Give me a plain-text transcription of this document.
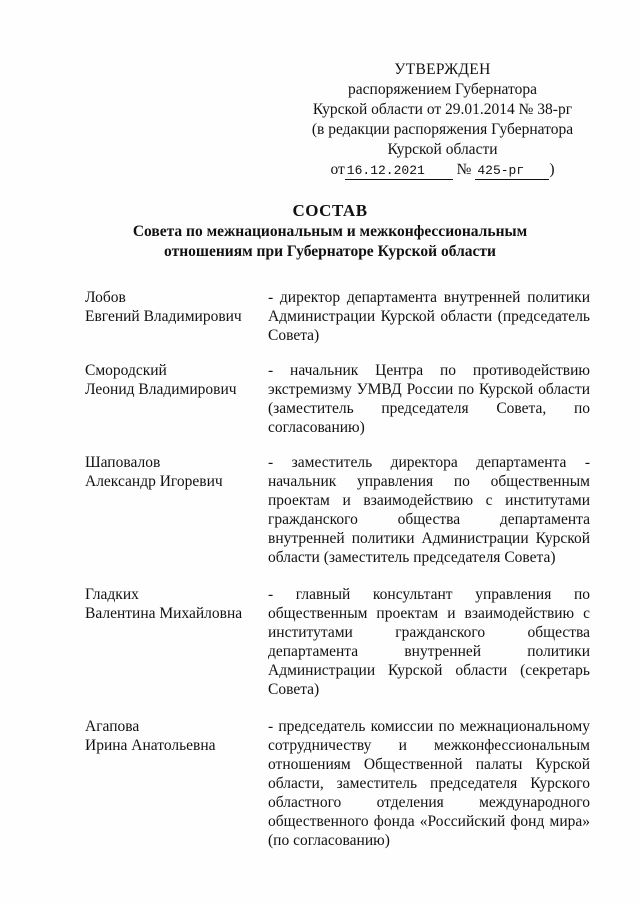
УТВЕРЖДЕН
распоряжением Губернатора
Курской области от 29.01.2014 № 38-рг
(в редакции распоряжения Губернатора
Курской области
от 16.12.2021 № 425-рг )
СОСТАВ
Совета по межнациональным и межконфессиональным
отношениям при Губернаторе Курской области
Лобов
Евгений Владимирович
- директор департамента внутренней политики Администрации Курской области (председатель Совета)
Смородский
Леонид Владимирович
- начальник Центра по противодействию экстремизму УМВД России по Курской области (заместитель председателя Совета, по согласованию)
Шаповалов
Александр Игоревич
- заместитель директора департамента - начальник управления по общественным проектам и взаимодействию с институтами гражданского общества департамента внутренней политики Администрации Курской области (заместитель председателя Совета)
Гладких
Валентина Михайловна
- главный консультант управления по общественным проектам и взаимодействию с институтами гражданского общества департамента внутренней политики Администрации Курской области (секретарь Совета)
Агапова
Ирина Анатольевна
- председатель комиссии по межнациональному сотрудничеству и межконфессиональным отношениям Общественной палаты Курской области, заместитель председателя Курского областного отделения международного общественного фонда «Российский фонд мира» (по согласованию)
